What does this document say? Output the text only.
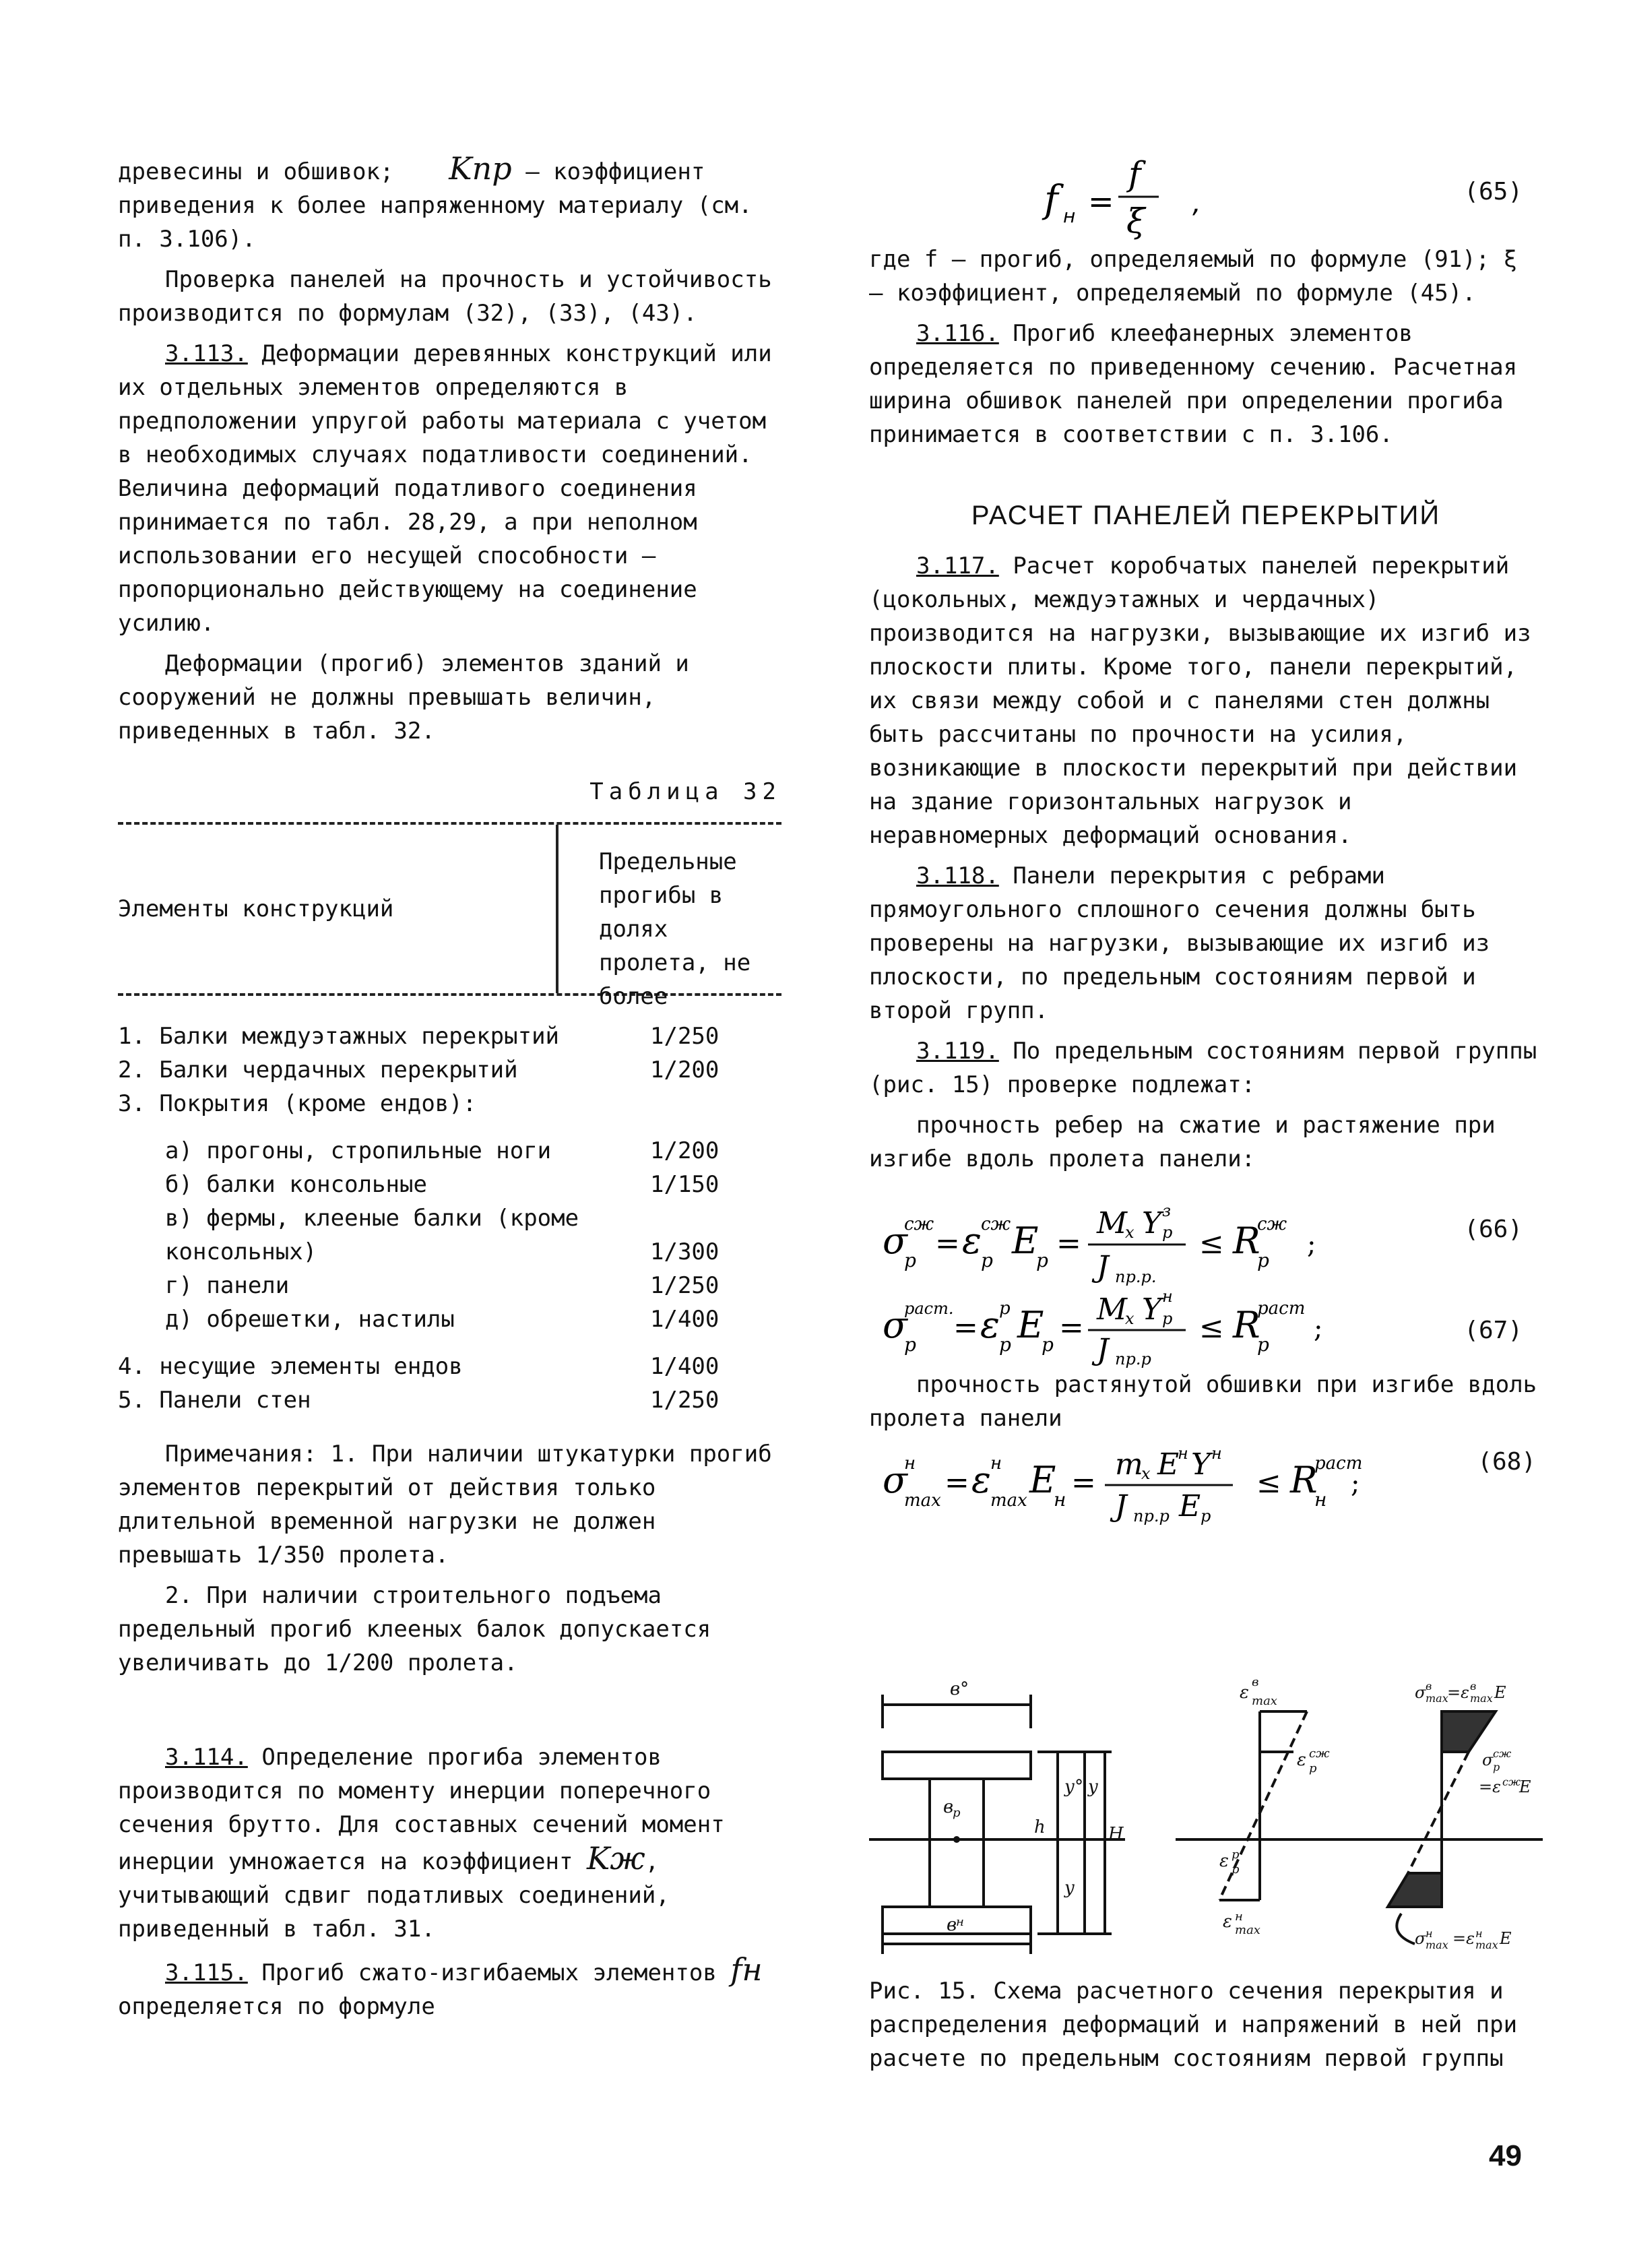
древесины и обшивок; Kпр – коэффициент приведения к более напряженному материалу (см. п. 3.106).

Проверка панелей на прочность и устойчивость производится по формулам (32), (33), (43).

3.113. Деформации деревянных конструкций или их отдельных элементов определяются в предположении упругой работы материала с учетом в необходимых случаях податливости соединений. Величина деформаций податливого соединения принимается по табл. 28,29, а при неполном использовании его несущей способности – пропорционально действующему на соединение усилию.

Деформации (прогиб) элементов зданий и сооружений не должны превышать величин, приведенных в табл. 32.

Таблица 32
Элементы конструкций
Предельные прогибы в долях пролета, не более
1. Балки междуэтажных перекрытий	1/250
2. Балки чердачных перекрытий	1/200
3. Покрытия (кроме ендов):
а) прогоны, стропильные ноги	1/200
б) балки консольные	1/150
в) фермы, клееные балки (кроме консольных)	1/300
г) панели	1/250
д) обрешетки, настилы	1/400
4. несущие элементы ендов	1/400
5. Панели стен	1/250

Примечания: 1. При наличии штукатурки прогиб элементов перекрытий от действия только длительной временной нагрузки не должен превышать 1/350 пролета.

2. При наличии строительного подъема предельный прогиб клееных балок допускается увеличивать до 1/200 пролета.

3.114. Определение прогиба элементов производится по моменту инерции поперечного сечения брутто. Для составных сечений момент инерции умножается на коэффициент Kж, учитывающий сдвиг податливых соединений, приведенный в табл. 31.

3.115. Прогиб сжато-изгибаемых элементов fн определяется по формуле

f н =
f
ξ ,	(65)

где f – прогиб, определяемый по формуле (91); ξ – коэффициент, определяемый по формуле (45).

3.116. Прогиб клеефанерных элементов определяется по приведенному сечению. Расчетная ширина обшивок панелей при определении прогиба принимается в соответствии с п. 3.106.

РАСЧЕТ ПАНЕЛЕЙ ПЕРЕКРЫТИЙ

3.117. Расчет коробчатых панелей перекрытий (цокольных, междуэтажных и чердачных) производится на нагрузки, вызывающие их изгиб из плоскости плиты. Кроме того, панели перекрытий, их связи между собой и с панелями стен должны быть рассчитаны по прочности на усилия, возникающие в плоскости перекрытий при действии на здание горизонтальных нагрузок и неравномерных деформаций основания.

3.118. Панели перекрытия с ребрами прямоугольного сплошного сечения должны быть проверены на нагрузки, вызывающие их изгиб из плоскости, по предельным состояниям первой и второй групп.

3.119. По предельным состояниям первой группы (рис. 15) проверке подлежат:

прочность ребер на сжатие и растяжение при изгибе вдоль пролета панели:

σ
р
сж
= ε р
сж E
р =
M
x Y р
з
J пр.р.
≤ R
р
сж
;	(66)
σ
р
раст.
= ε р
р E
р =
M
x Y р
н
J пр.р
≤ R
р
раст
;	(67)

прочность растянутой обшивки при изгибе вдоль пролета панели

σ
max
н
= ε max
н E
н =
m
x E
н Y н
J пр.р E р
≤ R
н
раст
;
(68)
в°
в
р
в
н
h
у°
у
у
H
ε
в
max
ε сж
р
ε р
р
ε н
max
σ в
max
=ε в
max E
σ сж
р
=ε сж
E
σ н
max =ε н
max E
Рис. 15. Схема расчетного сечения перекрытия и распределения деформаций и напряжений в ней при расчете по предельным состояниям первой группы
49
